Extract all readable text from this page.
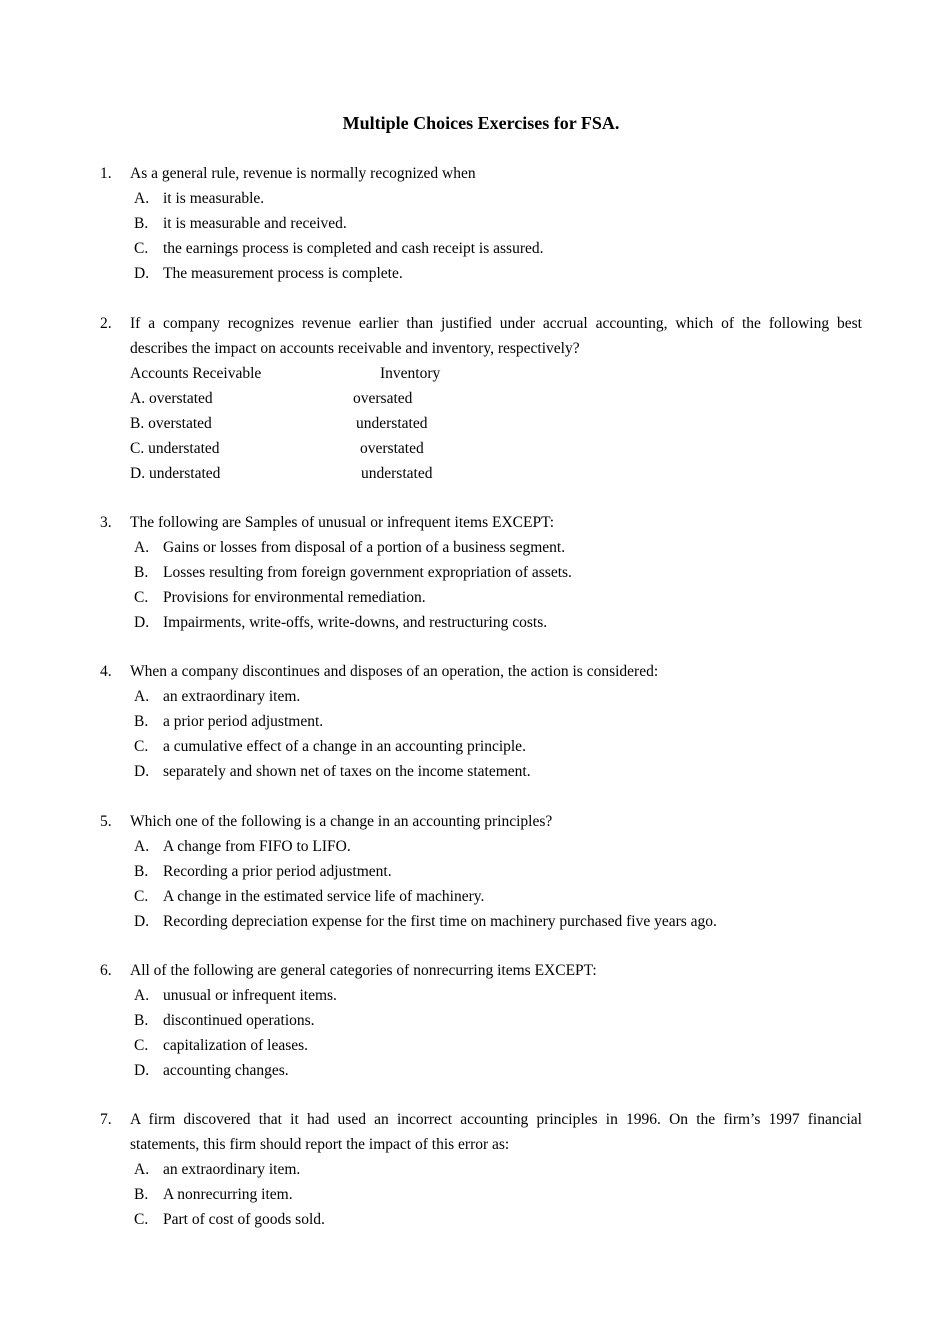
Multiple Choices Exercises for FSA.
1. As a general rule, revenue is normally recognized when
A. it is measurable.
B. it is measurable and received.
C. the earnings process is completed and cash receipt is assured.
D. The measurement process is complete.
2. If a company recognizes revenue earlier than justified under accrual accounting, which of the following best
describes the impact on accounts receivable and inventory, respectively?
Accounts Receivable	Inventory
A. overstated	oversated
B. overstated	understated
C. understated	overstated
D. understated	understated
3. The following are Samples of unusual or infrequent items EXCEPT:
A. Gains or losses from disposal of a portion of a business segment.
B. Losses resulting from foreign government expropriation of assets.
C. Provisions for environmental remediation.
D. Impairments, write-offs, write-downs, and restructuring costs.
4. When a company discontinues and disposes of an operation, the action is considered:
A. an extraordinary item.
B. a prior period adjustment.
C. a cumulative effect of a change in an accounting principle.
D. separately and shown net of taxes on the income statement.
5. Which one of the following is a change in an accounting principles?
A. A change from FIFO to LIFO.
B. Recording a prior period adjustment.
C. A change in the estimated service life of machinery.
D. Recording depreciation expense for the first time on machinery purchased five years ago.
6. All of the following are general categories of nonrecurring items EXCEPT:
A. unusual or infrequent items.
B. discontinued operations.
C. capitalization of leases.
D. accounting changes.
7. A firm discovered that it had used an incorrect accounting principles in 1996. On the firm’s 1997 financial
statements, this firm should report the impact of this error as:
A. an extraordinary item.
B. A nonrecurring item.
C. Part of cost of goods sold.
